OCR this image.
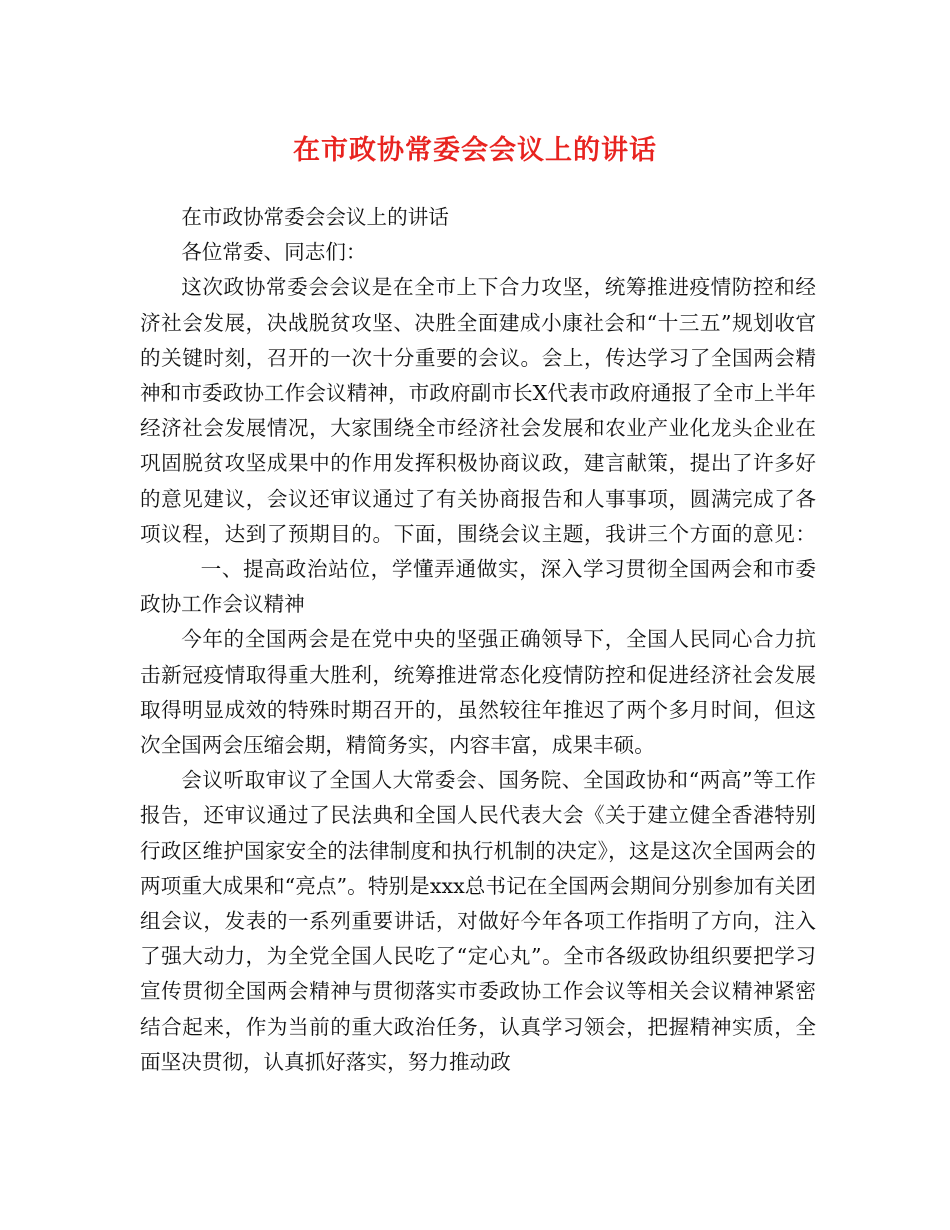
在市政协常委会会议上的讲话

在市政协常委会会议上的讲话

各位常委、同志们：

这次政协常委会会议是在全市上下合力攻坚，统筹推进疫情防控和经济社会发展，决战脱贫攻坚、决胜全面建成小康社会和“十三五”规划收官的关键时刻，召开的一次十分重要的会议。会上，传达学习了全国两会精神和市委政协工作会议精神，市政府副市长X代表市政府通报了全市上半年经济社会发展情况，大家围绕全市经济社会发展和农业产业化龙头企业在巩固脱贫攻坚成果中的作用发挥积极协商议政，建言献策，提出了许多好的意见建议，会议还审议通过了有关协商报告和人事事项，圆满完成了各项议程，达到了预期目的。下面，围绕会议主题，我讲三个方面的意见：一、提高政治站位，学懂弄通做实，深入学习贯彻全国两会和市委政协工作会议精神

今年的全国两会是在党中央的坚强正确领导下，全国人民同心合力抗击新冠疫情取得重大胜利，统筹推进常态化疫情防控和促进经济社会发展取得明显成效的特殊时期召开的，虽然较往年推迟了两个多月时间，但这次全国两会压缩会期，精简务实，内容丰富，成果丰硕。

会议听取审议了全国人大常委会、国务院、全国政协和“两高”等工作报告，还审议通过了民法典和全国人民代表大会《关于建立健全香港特别行政区维护国家安全的法律制度和执行机制的决定》，这是这次全国两会的两项重大成果和“亮点”。特别是xxx总书记在全国两会期间分别参加有关团组会议，发表的一系列重要讲话，对做好今年各项工作指明了方向，注入了强大动力，为全党全国人民吃了“定心丸”。全市各级政协组织要把学习宣传贯彻全国两会精神与贯彻落实市委政协工作会议等相关会议精神紧密结合起来，作为当前的重大政治任务，认真学习领会，把握精神实质，全面坚决贯彻，认真抓好落实，努力推动政
